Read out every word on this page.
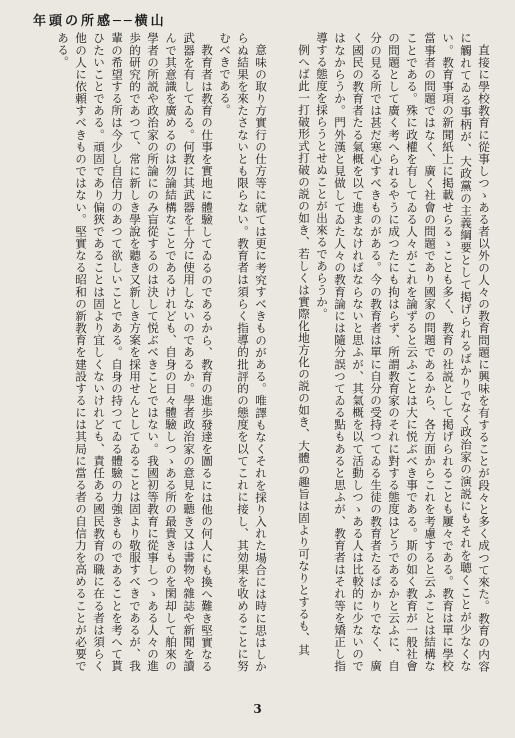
年頭の所感──横山

直接に學校教育に從事しつゝある者以外の人々の教育問題に興味を有することが段々と多く成つて來た。教育の内容に觸れてゐる事柄が、大政黨の主義綱要として掲げられるばかりでなく政治家の演説にもそれを聴くことが少なくない。教育事項の新聞紙上に掲載せらるゝことも多く、教育の社説として掲げられることも屢々である。教育は單に學校當事者の問題ではなく、廣く社會の問題であり國家の問題であるから、各方面からこれを考慮すると云ふことは結構なことである。殊に政權を有してゐる人々がこれを論ずると云ふことは大に悦ぶべき事である。斯の如く教育が一般社會の問題として廣く考へられるやうに成つたにも拘はらず、所謂教育家のそれに對する態度はどうであるかと云ふに、自分の見る所では甚だ寒心すべきものがある。今の教育者は單に自分の受持つてゐる生徒の教育者たるばかりでなく、廣く國民の教育者たる氣概を以て進まなければならないと思ふが、其氣概を以て活動しつゝある人は比較的に少ないのではなからうか。門外漢と見做してゐた人々の教育論には隨分誤つてゐる點もあると思ふが、教育者はそれ等を矯正し指導する態度を採らうとせぬことが出來るであらうか。

例へば此一打破形式打破の説の如き、若しくは實際化地方化の説の如き、大體の趣旨は固より可なりとするも、其

意味の取り方實行の仕方等に就ては更に考究すべきものがある。唯譯もなくそれを採り入れた場合には時に思はしからぬ結果を來たさないとも限らない。教育者は須らく指導的批評的の態度を以てこれに接し、其効果を收めることに努むべきである。

教育者は教育の仕事を實地に體驗してゐるのであるから、教育の進歩發達を圖るには他の何人にも換へ難き堅實なる武器を有してゐる。何教に其武器を十分に使用しないのであるか。學者政治家の意見を聽き又は書物や雜誌や新聞を讀んで其意識を廣めるのは勿論結構なことであるけれども、自身の日々體驗しつゝある所の最貴きものを閑却して舶來の學者の所説や政治家の所論にのみ盲從するのは決して悦ぶべきことではない。我國初等教育に從事しつゝある人々の進歩的研究的であつて、常に新しき學說を聽き又新しき方案を採用せんとしてゐることは固より敬服すべきであるが、我輩の希望する所は今少し自信力のあつて欲しいことである。自身の持つてゐる體驗の力強きものであることを考へて貰ひたいことである。頑固であり偏狹であることは固より宜しくないけれども、責任ある國民教育の職に在る者は須らく他の人に依頼すべきものではない。堅實なる昭和の新教育を建設するには其局に當る者の自信力を高めることが必要である。

3
